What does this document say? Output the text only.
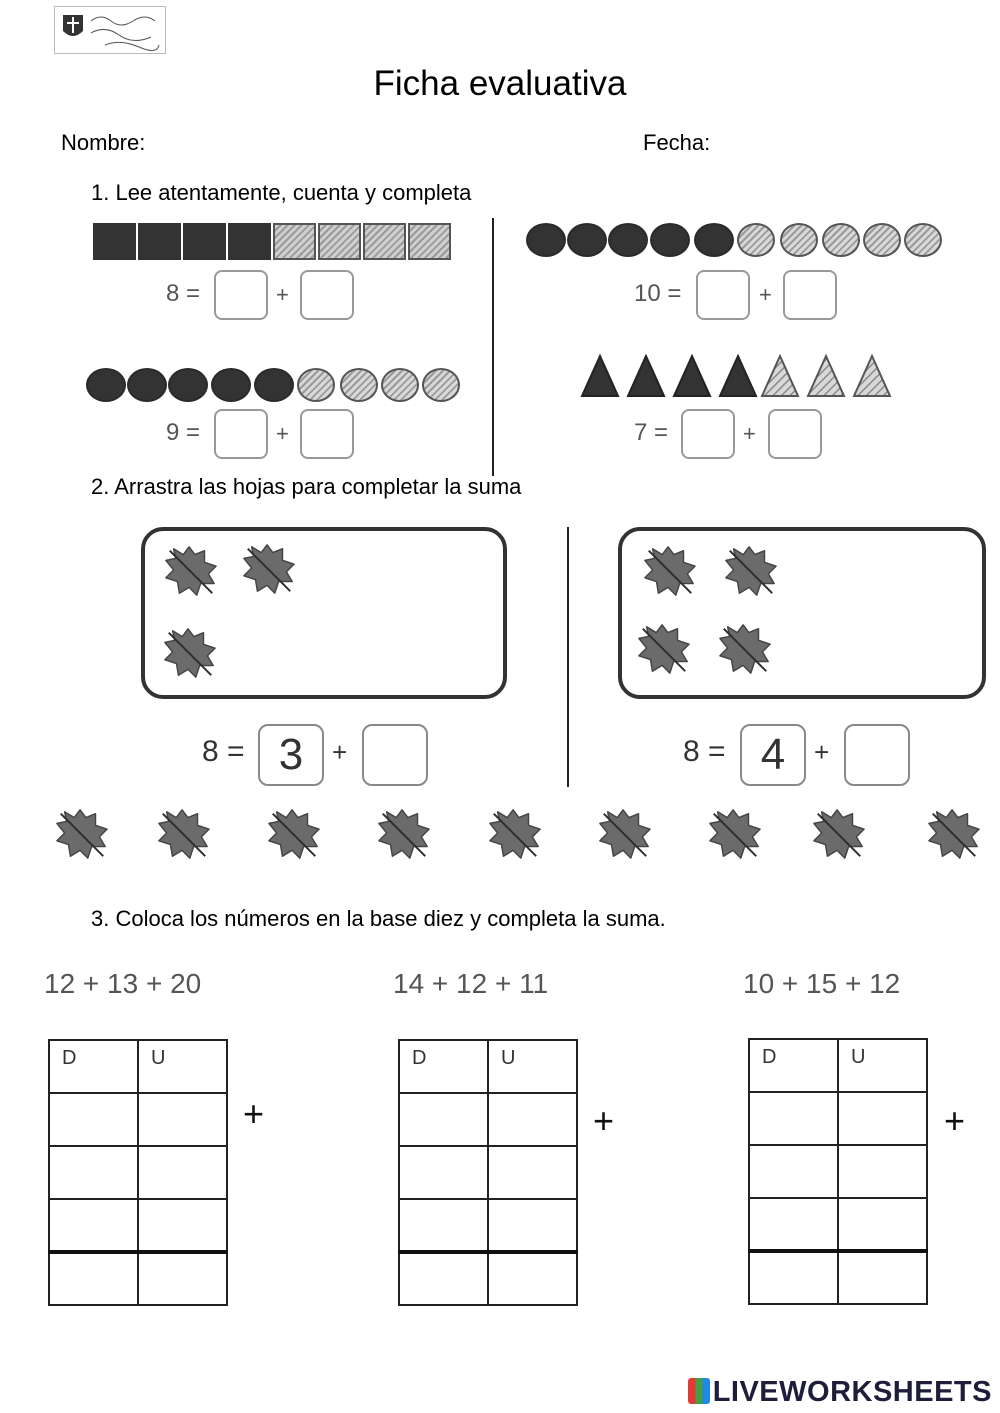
Ficha evaluativa
Nombre:	Fecha:
1. Lee atentamente, cuenta y completa
8 =	+	10 =	+
9 =	+	7 =	+
2. Arrastra las hojas para completar la suma
8 = 3	+	8 = 4	+
3. Coloca los números en la base diez y completa la suma.
12 + 13 + 20	14 + 12 + 11	10 + 15 + 12
D	U

+
D	U

+
D	U

+
LIVEWORKSHEETS
